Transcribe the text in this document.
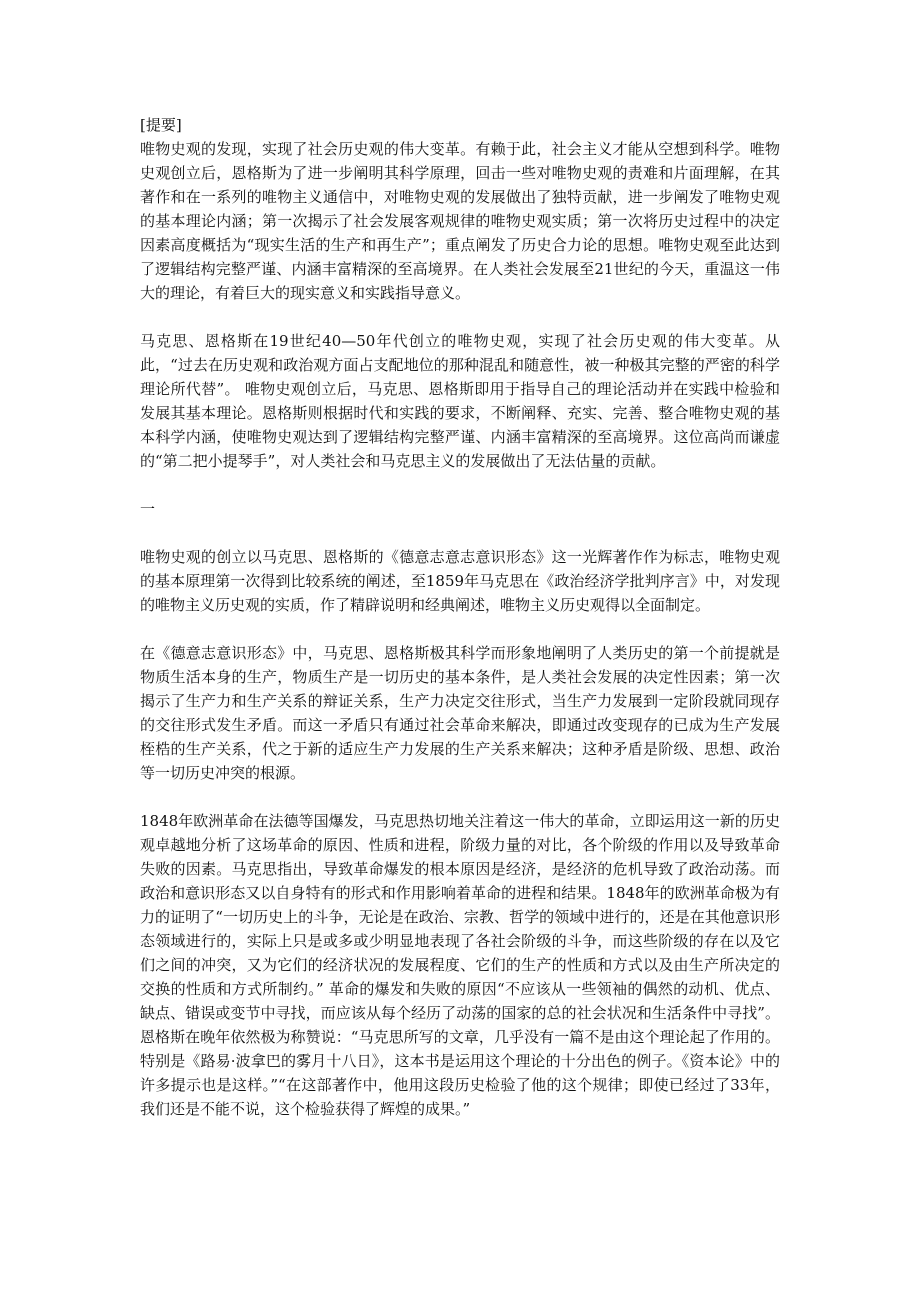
[提要]

唯物史观的发现，实现了社会历史观的伟大变革。有赖于此，社会主义才能从空想到科学。唯物史观创立后，恩格斯为了进一步阐明其科学原理，回击一些对唯物史观的责难和片面理解，在其著作和在一系列的唯物主义通信中，对唯物史观的发展做出了独特贡献，进一步阐发了唯物史观的基本理论内涵；第一次揭示了社会发展客观规律的唯物史观实质；第一次将历史过程中的决定因素高度概括为“现实生活的生产和再生产”；重点阐发了历史合力论的思想。唯物史观至此达到了逻辑结构完整严谨、内涵丰富精深的至高境界。在人类社会发展至21世纪的今天，重温这一伟大的理论，有着巨大的现实意义和实践指导意义。

马克思、恩格斯在19世纪40—50年代创立的唯物史观，实现了社会历史观的伟大变革。从此，“过去在历史观和政治观方面占支配地位的那种混乱和随意性，被一种极其完整的严密的科学理论所代替”。 唯物史观创立后，马克思、恩格斯即用于指导自己的理论活动并在实践中检验和发展其基本理论。恩格斯则根据时代和实践的要求，不断阐释、充实、完善、整合唯物史观的基本科学内涵，使唯物史观达到了逻辑结构完整严谨、内涵丰富精深的至高境界。这位高尚而谦虚的“第二把小提琴手”，对人类社会和马克思主义的发展做出了无法估量的贡献。

一

唯物史观的创立以马克思、恩格斯的《德意志意志意识形态》这一光辉著作作为标志，唯物史观的基本原理第一次得到比较系统的阐述，至1859年马克思在《政治经济学批判序言》中，对发现的唯物主义历史观的实质，作了精辟说明和经典阐述，唯物主义历史观得以全面制定。

在《德意志意识形态》中，马克思、恩格斯极其科学而形象地阐明了人类历史的第一个前提就是物质生活本身的生产，物质生产是一切历史的基本条件，是人类社会发展的决定性因素；第一次揭示了生产力和生产关系的辩证关系，生产力决定交往形式，当生产力发展到一定阶段就同现存的交往形式发生矛盾。而这一矛盾只有通过社会革命来解决，即通过改变现存的已成为生产发展桎梏的生产关系，代之于新的适应生产力发展的生产关系来解决；这种矛盾是阶级、思想、政治等一切历史冲突的根源。

1848年欧洲革命在法德等国爆发，马克思热切地关注着这一伟大的革命，立即运用这一新的历史观卓越地分析了这场革命的原因、性质和进程，阶级力量的对比，各个阶级的作用以及导致革命失败的因素。马克思指出，导致革命爆发的根本原因是经济，是经济的危机导致了政治动荡。而政治和意识形态又以自身特有的形式和作用影响着革命的进程和结果。1848年的欧洲革命极为有力的证明了“一切历史上的斗争，无论是在政治、宗教、哲学的领域中进行的，还是在其他意识形态领域进行的，实际上只是或多或少明显地表现了各社会阶级的斗争，而这些阶级的存在以及它们之间的冲突，又为它们的经济状况的发展程度、它们的生产的性质和方式以及由生产所决定的交换的性质和方式所制约。” 革命的爆发和失败的原因“不应该从一些领袖的偶然的动机、优点、缺点、错误或变节中寻找，而应该从每个经历了动荡的国家的总的社会状况和生活条件中寻找”。 恩格斯在晚年依然极为称赞说：“马克思所写的文章，几乎没有一篇不是由这个理论起了作用的。特别是《路易·波拿巴的雾月十八日》，这本书是运用这个理论的十分出色的例子。《资本论》中的许多提示也是这样。”“在这部著作中，他用这段历史检验了他的这个规律；即使已经过了33年，我们还是不能不说，这个检验获得了辉煌的成果。”
